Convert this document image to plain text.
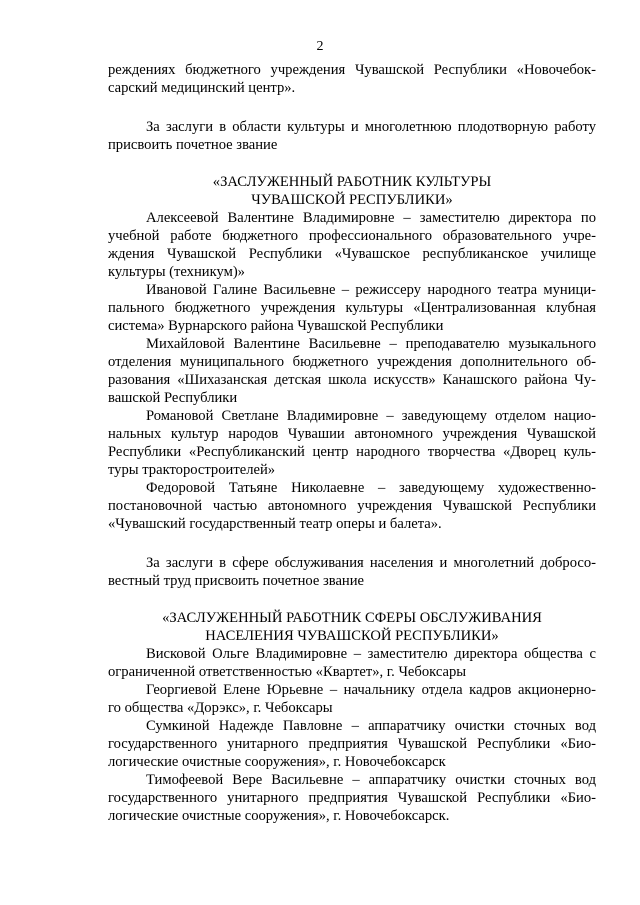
2
реждениях бюджетного учреждения Чувашской Республики «Новочебок-
сарский медицинский центр».
За заслуги в области культуры и многолетнюю плодотворную работу
присвоить почетное звание
«ЗАСЛУЖЕННЫЙ РАБОТНИК КУЛЬТУРЫ
ЧУВАШСКОЙ РЕСПУБЛИКИ»
Алексеевой Валентине Владимировне – заместителю директора по
учебной работе бюджетного профессионального образовательного учре-
ждения Чувашской Республики «Чувашское республиканское училище
культуры (техникум)»
Ивановой Галине Васильевне – режиссеру народного театра муници-
пального бюджетного учреждения культуры «Централизованная клубная
система» Вурнарского района Чувашской Республики
Михайловой Валентине Васильевне – преподавателю музыкального
отделения муниципального бюджетного учреждения дополнительного об-
разования «Шихазанская детская школа искусств» Канашского района Чу-
вашской Республики
Романовой Светлане Владимировне – заведующему отделом нацио-
нальных культур народов Чувашии автономного учреждения Чувашской
Республики «Республиканский центр народного творчества «Дворец куль-
туры тракторостроителей»
Федоровой Татьяне Николаевне – заведующему художественно-
постановочной частью автономного учреждения Чувашской Республики
«Чувашский государственный театр оперы и балета».
За заслуги в сфере обслуживания населения и многолетний добросо-
вестный труд присвоить почетное звание
«ЗАСЛУЖЕННЫЙ РАБОТНИК СФЕРЫ ОБСЛУЖИВАНИЯ
НАСЕЛЕНИЯ ЧУВАШСКОЙ РЕСПУБЛИКИ»
Висковой Ольге Владимировне – заместителю директора общества с
ограниченной ответственностью «Квартет», г. Чебоксары
Георгиевой Елене Юрьевне – начальнику отдела кадров акционерно-
го общества «Дорэкс», г. Чебоксары
Сумкиной Надежде Павловне – аппаратчику очистки сточных вод
государственного унитарного предприятия Чувашской Республики «Био-
логические очистные сооружения», г. Новочебоксарск
Тимофеевой Вере Васильевне – аппаратчику очистки сточных вод
государственного унитарного предприятия Чувашской Республики «Био-
логические очистные сооружения», г. Новочебоксарск.
